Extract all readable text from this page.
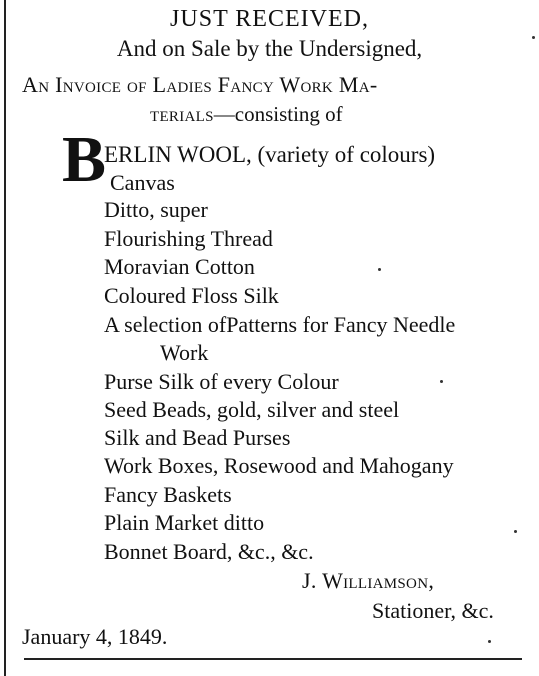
JUST RECEIVED,
And on Sale by the Undersigned,
An Invoice of Ladies Fancy Work Ma-
terials—consisting of
B
ERLIN WOOL, (variety of colours)
Canvas
Ditto, super
Flourishing Thread
Moravian Cotton
Coloured Floss Silk
A selection ofPatterns for Fancy Needle
Work
Purse Silk of every Colour
Seed Beads, gold, silver and steel
Silk and Bead Purses
Work Boxes, Rosewood and Mahogany
Fancy Baskets
Plain Market ditto
Bonnet Board, &c., &c.
J. Williamson,
Stationer, &c.
January 4, 1849.
